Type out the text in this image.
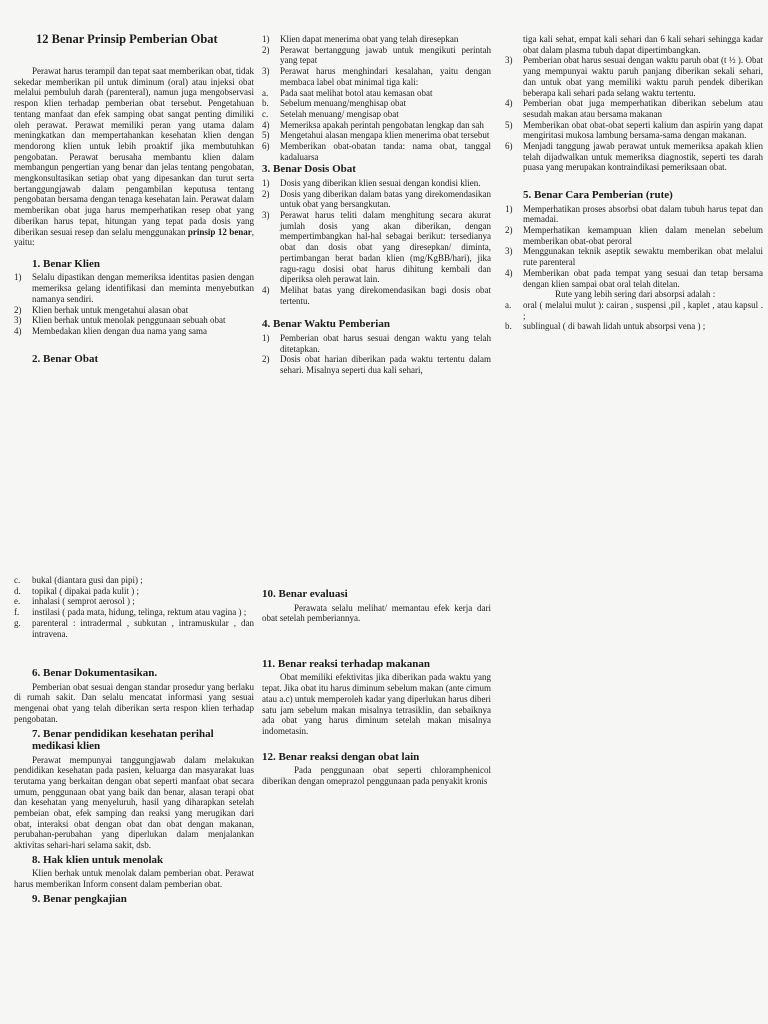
12 Benar Prinsip Pemberian Obat

Perawat harus terampil dan tepat saat memberikan obat, tidak sekedar memberikan pil untuk diminum (oral) atau injeksi obat melalui pembuluh darah (parenteral), namun juga mengobservasi respon klien terhadap pemberian obat tersebut. Pengetahuan tentang manfaat dan efek samping obat sangat penting dimiliki oleh perawat. Perawat memiliki peran yang utama dalam meningkatkan dan mempertahankan kesehatan klien dengan mendorong klien untuk lebih proaktif jika membutuhkan pengobatan. Perawat berusaha membantu klien dalam membangun pengertian yang benar dan jelas tentang pengobatan, mengkonsultasikan setiap obat yang dipesankan dan turut serta bertanggungjawab dalam pengambilan keputusa tentang pengobatan bersama dengan tenaga kesehatan lain. Perawat dalam memberikan obat juga harus memperhatikan resep obat yang diberikan harus tepat, hitungan yang tepat pada dosis yang diberikan sesuai resep dan selalu menggunakan prinsip 12 benar, yaitu:

1. Benar Klien
1) Selalu dipastikan dengan memeriksa identitas pasien dengan memeriksa gelang identifikasi dan meminta menyebutkan namanya sendiri.
2) Klien berhak untuk mengetahui alasan obat
3) Klien berhak untuk menolak penggunaan sebuah obat
4) Membedakan klien dengan dua nama yang sama
2. Benar Obat
1) Klien dapat menerima obat yang telah diresepkan
2) Perawat bertanggung jawab untuk mengikuti perintah yang tepat
3) Perawat harus menghindari kesalahan, yaitu dengan membaca label obat minimal tiga kali:
a. Pada saat melihat botol atau kemasan obat
b. Sebelum menuang/menghisap obat
c. Setelah menuang/ mengisap obat
4) Memeriksa apakah perintah pengobatan lengkap dan sah
5) Mengetahui alasan mengapa klien menerima obat tersebut
6) Memberikan obat-obatan tanda: nama obat, tanggal kadaluarsa
3. Benar Dosis Obat
1) Dosis yang diberikan klien sesuai dengan kondisi klien.
2) Dosis yang diberikan dalam batas yang direkomendasikan untuk obat yang bersangkutan.
3) Perawat harus teliti dalam menghitung secara akurat jumlah dosis yang akan diberikan, dengan mempertimbangkan hal-hal sebagai berikut: tersedianya obat dan dosis obat yang diresepkan/ diminta, pertimbangan berat badan klien (mg/KgBB/hari), jika ragu-ragu dosisi obat harus dihitung kembali dan diperiksa oleh perawat lain.
4) Melihat batas yang direkomendasikan bagi dosis obat tertentu.
4. Benar Waktu Pemberian
1) Pemberian obat harus sesuai dengan waktu yang telah ditetapkan.
2) Dosis obat harian diberikan pada waktu tertentu dalam sehari. Misalnya seperti dua kali sehari,

tiga kali sehat, empat kali sehari dan 6 kali sehari sehingga kadar obat dalam plasma tubuh dapat dipertimbangkan.

3) Pemberian obat harus sesuai dengan waktu paruh obat (t ½ ). Obat yang mempunyai waktu paruh panjang diberikan sekali sehari, dan untuk obat yang memiliki waktu paruh pendek diberikan beberapa kali sehari pada selang waktu tertentu.
4) Pemberian obat juga memperhatikan diberikan sebelum atau sesudah makan atau bersama makanan
5) Memberikan obat obat-obat seperti kalium dan aspirin yang dapat mengiritasi mukosa lambung bersama-sama dengan makanan.
6) Menjadi tanggung jawab perawat untuk memeriksa apakah klien telah dijadwalkan untuk memeriksa diagnostik, seperti tes darah puasa yang merupakan kontraindikasi pemeriksaan obat.
5. Benar Cara Pemberian (rute)
1) Memperhatikan proses absorbsi obat dalam tubuh harus tepat dan memadai.
2) Memperhatikan kemampuan klien dalam menelan sebelum memberikan obat-obat peroral
3) Menggunakan teknik aseptik sewaktu memberikan obat melalui rute parenteral
4) Memberikan obat pada tempat yang sesuai dan tetap bersama dengan klien sampai obat oral telah ditelan.

Rute yang lebih sering dari absorpsi adalah :

a. oral ( melalui mulut ): cairan , suspensi ,pil , kaplet , atau kapsul . ;
b. sublingual ( di bawah lidah untuk absorpsi vena ) ;
c. bukal (diantara gusi dan pipi) ;
d. topikal ( dipakai pada kulit ) ;
e. inhalasi ( semprot aerosol ) ;
f. instilasi ( pada mata, hidung, telinga, rektum atau vagina ) ;
g. parenteral : intradermal , subkutan , intramuskular , dan intravena.
6. Benar Dokumentasikan.

Pemberian obat sesuai dengan standar prosedur yang berlaku di rumah sakit. Dan selalu mencatat informasi yang sesuai mengenai obat yang telah diberikan serta respon klien terhadap pengobatan.

7. Benar pendidikan kesehatan perihal medikasi klien

Perawat mempunyai tanggungjawab dalam melakukan pendidikan kesehatan pada pasien, keluarga dan masyarakat luas terutama yang berkaitan dengan obat seperti manfaat obat secara umum, penggunaan obat yang baik dan benar, alasan terapi obat dan kesehatan yang menyeluruh, hasil yang diharapkan setelah pembeian obat, efek samping dan reaksi yang merugikan dari obat, interaksi obat dengan obat dan obat dengan makanan, perubahan-perubahan yang diperlukan dalam menjalankan aktivitas sehari-hari selama sakit, dsb.

8. Hak klien untuk menolak

Klien berhak untuk menolak dalam pemberian obat. Perawat harus memberikan Inform consent dalam pemberian obat.

9. Benar pengkajian
10. Benar evaluasi

Perawata selalu melihat/ memantau efek kerja dari obat setelah pemberiannya.

11. Benar reaksi terhadap makanan

Obat memiliki efektivitas jika diberikan pada waktu yang tepat. Jika obat itu harus diminum sebelum makan (ante cimum atau a.c) untuk memperoleh kadar yang diperlukan harus diberi satu jam sebelum makan misalnya tetrasiklin, dan sebaiknya ada obat yang harus diminum setelah makan misalnya indometasin.

12. Benar reaksi dengan obat lain

Pada penggunaan obat seperti chloramphenicol diberikan dengan omeprazol penggunaan pada penyakit kronis
